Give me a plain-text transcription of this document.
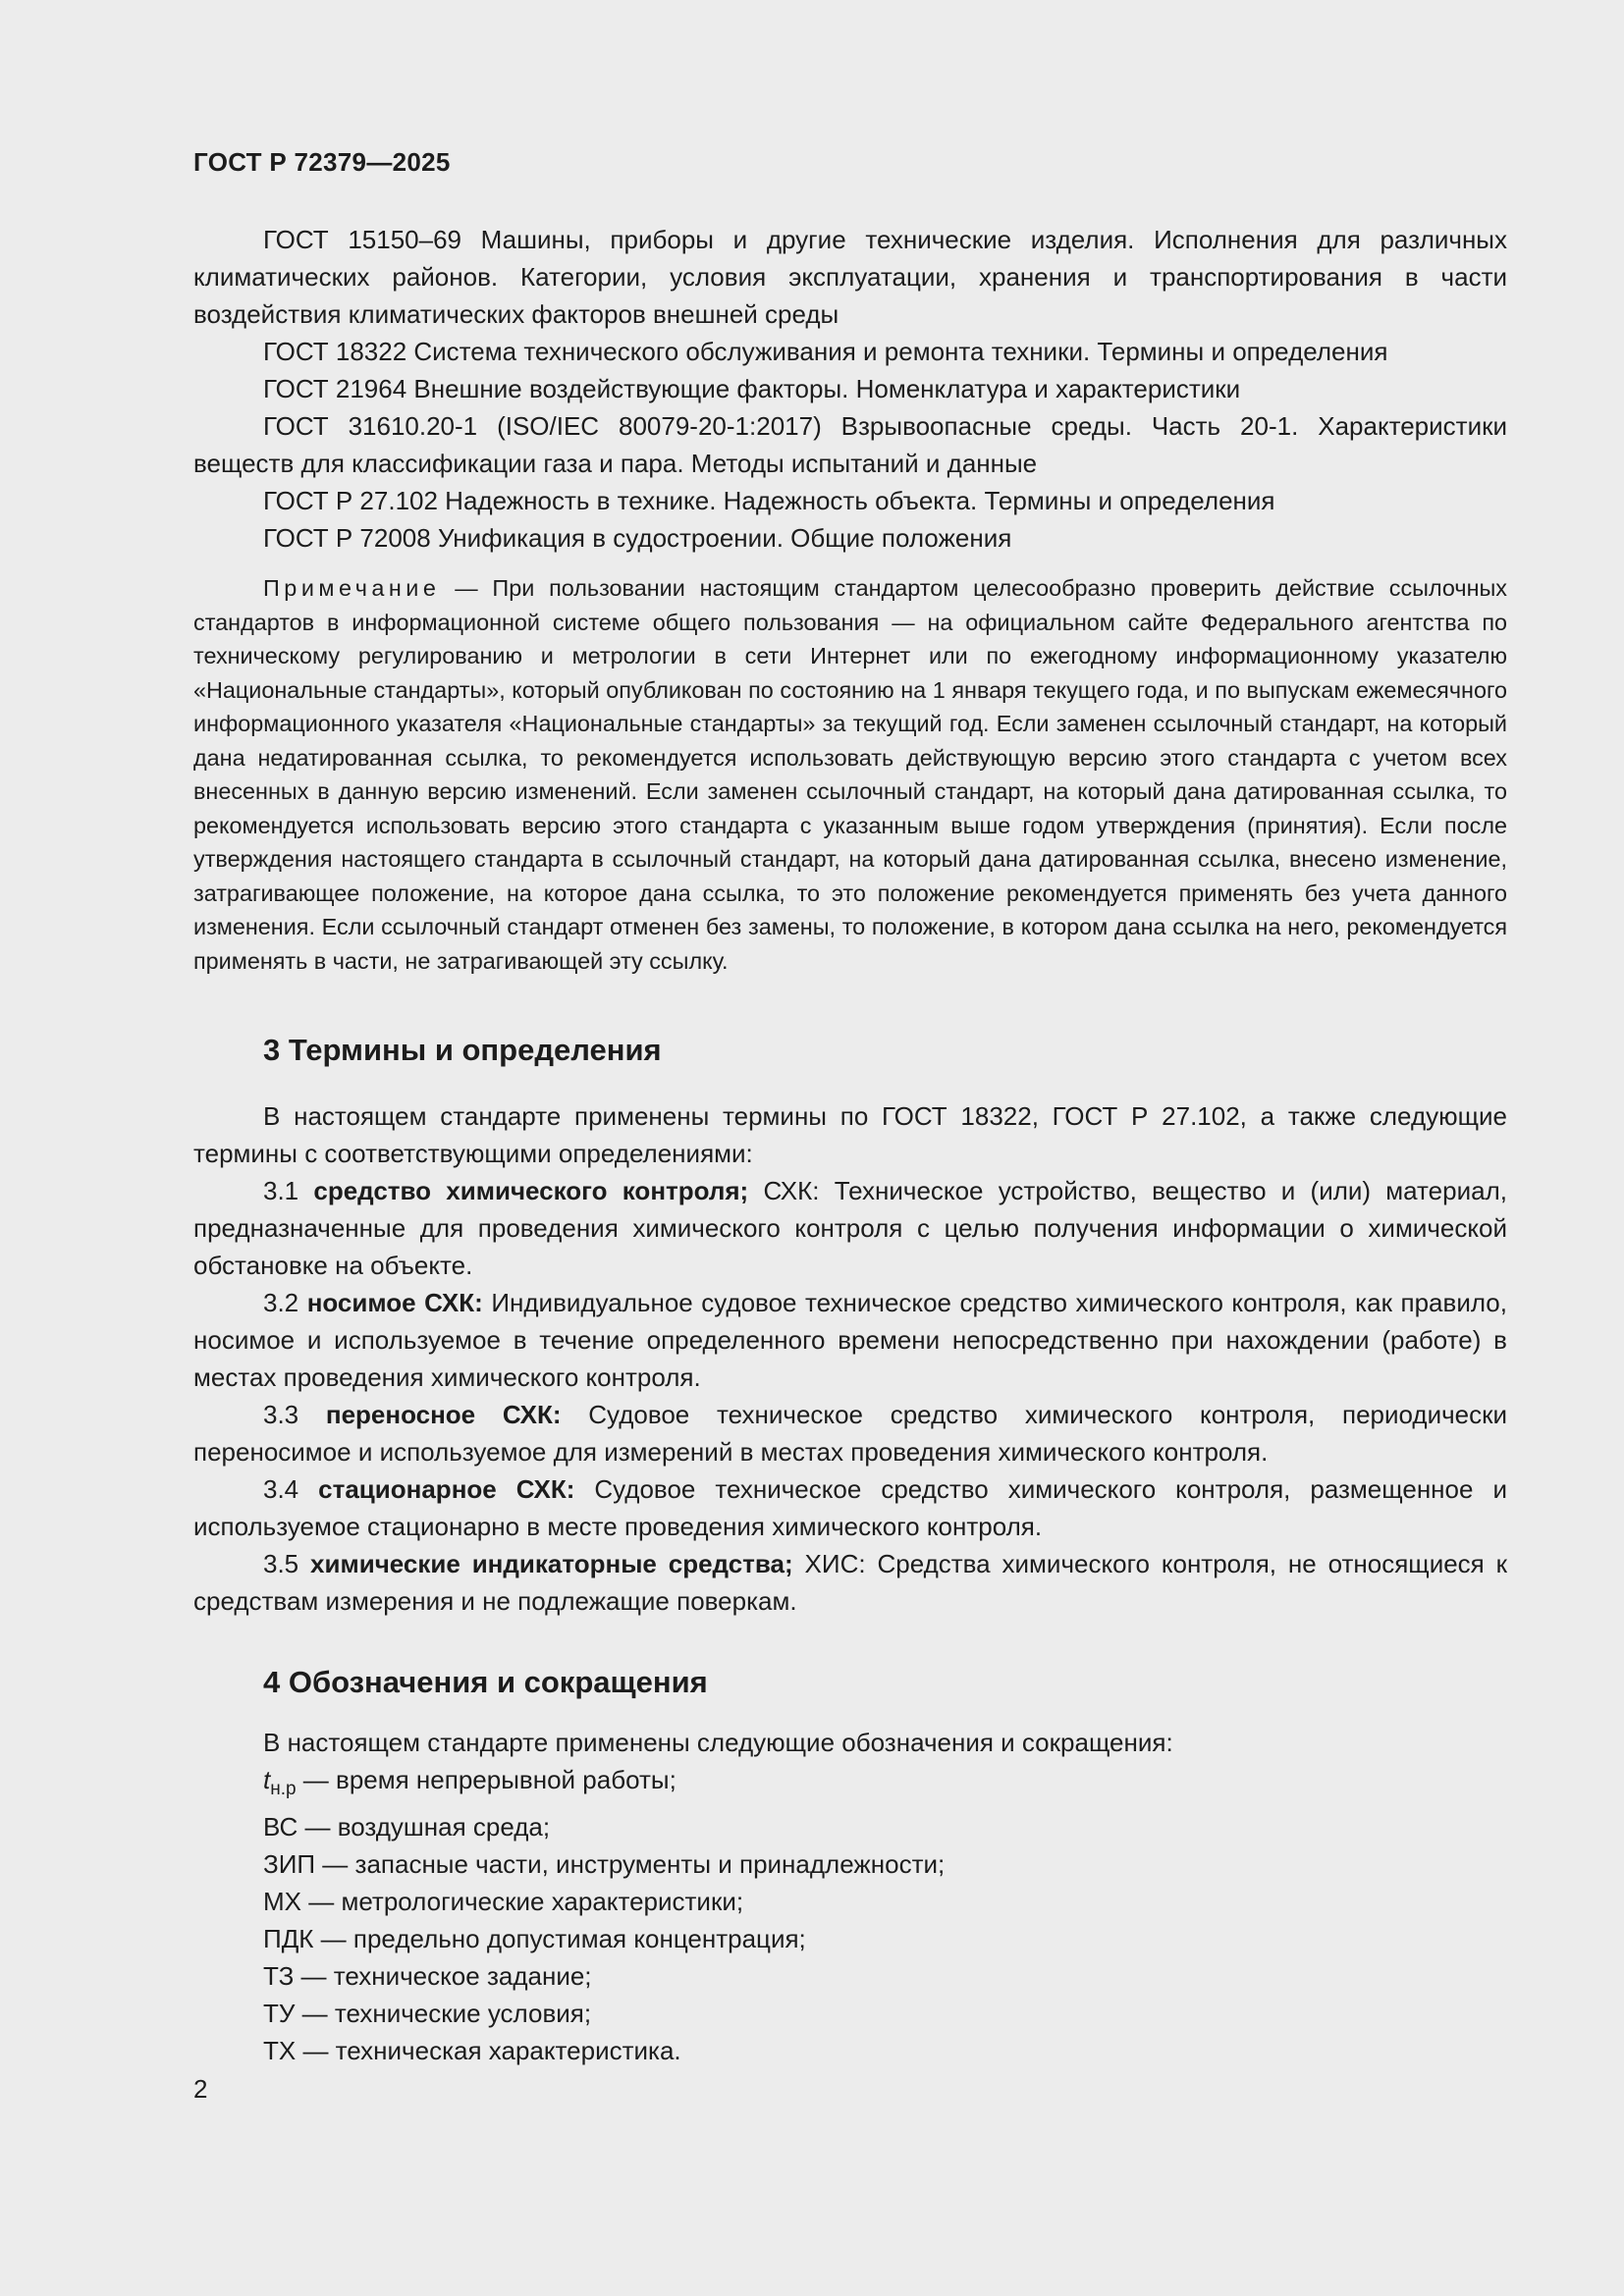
ГОСТ Р 72379—2025

ГОСТ 15150–69 Машины, приборы и другие технические изделия. Исполнения для различных климатических районов. Категории, условия эксплуатации, хранения и транспортирования в части воздействия климатических факторов внешней среды

ГОСТ 18322 Система технического обслуживания и ремонта техники. Термины и определения

ГОСТ 21964 Внешние воздействующие факторы. Номенклатура и характеристики

ГОСТ 31610.20-1 (ISO/IEC 80079-20-1:2017) Взрывоопасные среды. Часть 20-1. Характеристики веществ для классификации газа и пара. Методы испытаний и данные

ГОСТ Р 27.102 Надежность в технике. Надежность объекта. Термины и определения

ГОСТ Р 72008 Унификация в судостроении. Общие положения

Примечание — При пользовании настоящим стандартом целесообразно проверить действие ссылочных стандартов в информационной системе общего пользования — на официальном сайте Федерального агентства по техническому регулированию и метрологии в сети Интернет или по ежегодному информационному указателю «Национальные стандарты», который опубликован по состоянию на 1 января текущего года, и по выпускам ежемесячного информационного указателя «Национальные стандарты» за текущий год. Если заменен ссылочный стандарт, на который дана недатированная ссылка, то рекомендуется использовать действующую версию этого стандарта с учетом всех внесенных в данную версию изменений. Если заменен ссылочный стандарт, на который дана датированная ссылка, то рекомендуется использовать версию этого стандарта с указанным выше годом утверждения (принятия). Если после утверждения настоящего стандарта в ссылочный стандарт, на который дана датированная ссылка, внесено изменение, затрагивающее положение, на которое дана ссылка, то это положение рекомендуется применять без учета данного изменения. Если ссылочный стандарт отменен без замены, то положение, в котором дана ссылка на него, рекомендуется применять в части, не затрагивающей эту ссылку.

3 Термины и определения

В настоящем стандарте применены термины по ГОСТ 18322, ГОСТ Р 27.102, а также следующие термины с соответствующими определениями:

3.1 средство химического контроля; СХК: Техническое устройство, вещество и (или) материал, предназначенные для проведения химического контроля с целью получения информации о химической обстановке на объекте.

3.2 носимое СХК: Индивидуальное судовое техническое средство химического контроля, как правило, носимое и используемое в течение определенного времени непосредственно при нахождении (работе) в местах проведения химического контроля.

3.3 переносное СХК: Судовое техническое средство химического контроля, периодически переносимое и используемое для измерений в местах проведения химического контроля.

3.4 стационарное СХК: Судовое техническое средство химического контроля, размещенное и используемое стационарно в месте проведения химического контроля.

3.5 химические индикаторные средства; ХИС: Средства химического контроля, не относящиеся к средствам измерения и не подлежащие поверкам.

4 Обозначения и сокращения
В настоящем стандарте применены следующие обозначения и сокращения:
$t_{н.р}$ — время непрерывной работы;
ВС — воздушная среда;
ЗИП — запасные части, инструменты и принадлежности;
МХ — метрологические характеристики;
ПДК — предельно допустимая концентрация;
ТЗ — техническое задание;
ТУ — технические условия;
ТХ — техническая характеристика.

2
